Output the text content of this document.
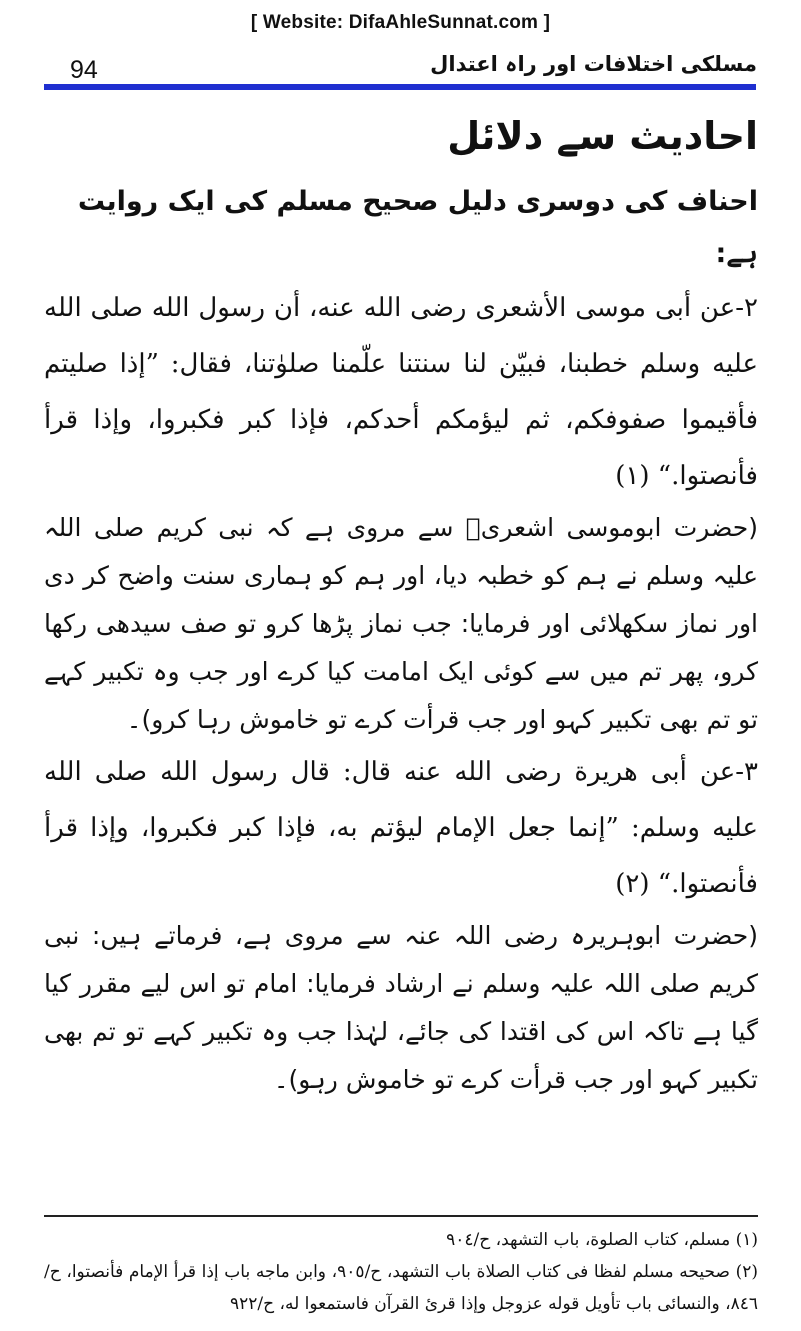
[ Website: DifaAhleSunnat.com ]
94	مسلکی اختلافات اور راہ اعتدال
احادیث سے دلائل

احناف کی دوسری دلیل صحیح مسلم کی ایک روایت ہے:

٢-عن أبى موسى الأشعرى رضى الله عنه، أن رسول الله صلى الله عليه وسلم خطبنا، فبيّن لنا سنتنا علّمنا صلوٰتنا، فقال: ”إذا صليتم فأقيموا صفوفكم، ثم ليؤمكم أحدكم، فإذا كبر فكبروا، وإذا قرأ فأنصتوا.“ (١)

(حضرت ابوموسی اشعریؓ سے مروی ہے کہ نبی کریم صلی اللہ علیہ وسلم نے ہم کو خطبہ دیا، اور ہم کو ہماری سنت واضح کر دی اور نماز سکھلائی اور فرمایا: جب نماز پڑھا کرو تو صف سیدھی رکھا کرو، پھر تم میں سے کوئی ایک امامت کیا کرے اور جب وہ تکبیر کہے تو تم بھی تکبیر کہو اور جب قرأت کرے تو خاموش رہا کرو)۔

٣-عن أبى هريرة رضى الله عنه قال: قال رسول الله صلى الله عليه وسلم: ”إنما جعل الإمام ليؤتم به، فإذا كبر فكبروا، وإذا قرأ فأنصتوا.“ (٢)

(حضرت ابوہریرہ رضی اللہ عنہ سے مروی ہے، فرماتے ہیں: نبی کریم صلی اللہ علیہ وسلم نے ارشاد فرمایا: امام تو اس لیے مقرر کیا گیا ہے تاکہ اس کی اقتدا کی جائے، لہٰذا جب وہ تکبیر کہے تو تم بھی تکبیر کہو اور جب قرأت کرے تو خاموش رہو)۔

(١) مسلم، كتاب الصلوة، باب التشهد، ح/٩٠٤

(٢) صحيحه مسلم لفظا فى كتاب الصلاة باب التشهد، ح/٩٠٥، وابن ماجه باب إذا قرأ الإمام فأنصتوا، ح/٨٤٦، والنسائى باب تأويل قوله عزوجل وإذا قرئ القرآن فاستمعوا له، ح/٩٢٢
